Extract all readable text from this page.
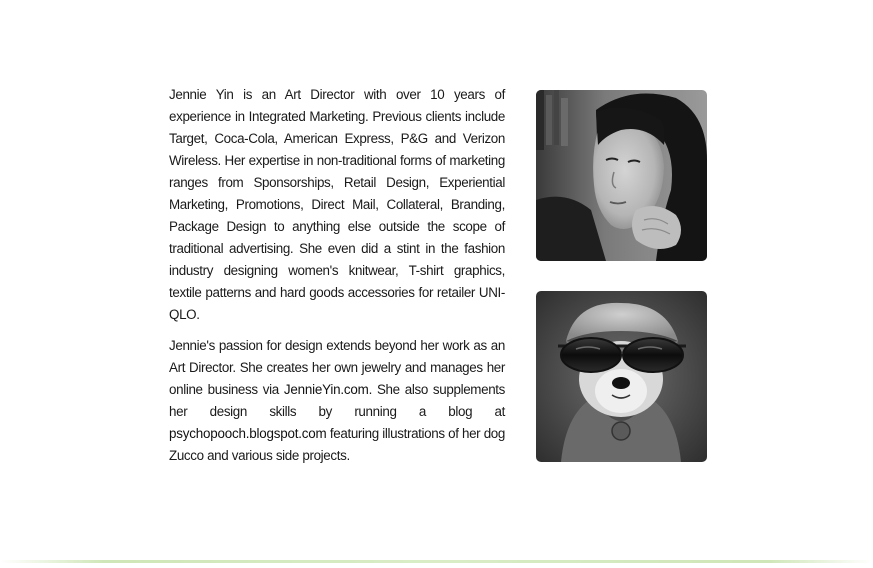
Jennie Yin is an Art Director with over 10 years of experience in Integrated Marketing. Previous clients include Target, Coca-Cola, American Express, P&G and Verizon Wireless. Her expertise in non-traditional forms of marketing ranges from Sponsorships, Retail Design, Experiential Marketing, Promotions, Direct Mail, Collateral, Branding, Package Design to anything else outside the scope of traditional advertising. She even did a stint in the fashion industry designing women's knitwear, T-shirt graphics, textile patterns and hard goods accessories for retailer UNI-QLO.

Jennie's passion for design extends beyond her work as an Art Director. She creates her own jewelry and manages her online business via JennieYin.com. She also supplements her design skills by running a blog at psychopooch.blogspot.com featuring illustrations of her dog Zucco and various side projects.
